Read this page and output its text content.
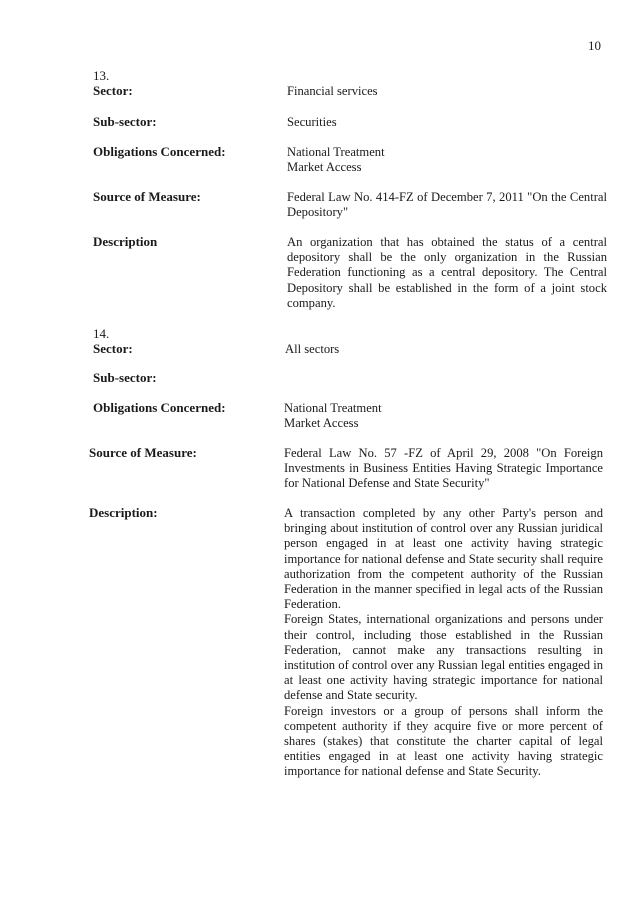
10
13.
Sector:	Financial services
Sub-sector:	Securities
Obligations Concerned:	National Treatment
Market Access
Source of Measure:	Federal Law No. 414-FZ of December 7, 2011 "On the Central Depository"
Description	An organization that has obtained the status of a central depository shall be the only organization in the Russian Federation functioning as a central depository. The Central Depository shall be established in the form of a joint stock company.
14.
Sector:	All sectors
Sub-sector:
Obligations Concerned:	National Treatment
Market Access
Source of Measure:	Federal Law No. 57 -FZ of April 29, 2008 "On Foreign Investments in Business Entities Having Strategic Importance for National Defense and State Security"
Description:	A transaction completed by any other Party's person and bringing about institution of control over any Russian juridical person engaged in at least one activity having strategic importance for national defense and State security shall require authorization from the competent authority of the Russian Federation in the manner specified in legal acts of the Russian Federation.
Foreign States, international organizations and persons under their control, including those established in the Russian Federation, cannot make any transactions resulting in institution of control over any Russian legal entities engaged in at least one activity having strategic importance for national defense and State security.
Foreign investors or a group of persons shall inform the competent authority if they acquire five or more percent of shares (stakes) that constitute the charter capital of legal entities engaged in at least one activity having strategic importance for national defense and State Security.
